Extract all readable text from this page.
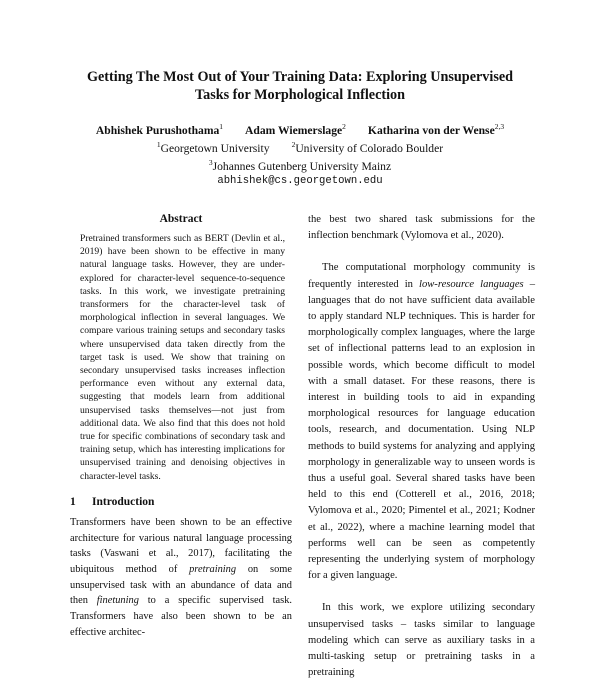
Getting The Most Out of Your Training Data: Exploring Unsupervised
Tasks for Morphological Inflection
Abhishek Purushothama$^1$ Adam Wiemerslage$^2$ Katharina von der Wense$^{2,3}$
$^1$Georgetown University	$^2$University of Colorado Boulder
$^3$Johannes Gutenberg University Mainz
abhishek@cs.georgetown.edu
Abstract

Pretrained transformers such as BERT (Devlin et al., 2019) have been shown to be effective in many natural language tasks. However, they are under-explored for character-level sequence-to-sequence tasks. In this work, we investigate pretraining transformers for the character-level task of morphological inflection in several languages. We compare various training setups and secondary tasks where unsupervised data taken directly from the target task is used. We show that training on secondary unsupervised tasks increases inflection performance even without any external data, suggesting that models learn from additional unsupervised tasks themselves—not just from additional data. We also find that this does not hold true for specific combinations of secondary task and training setup, which has interesting implications for unsupervised training and denoising objectives in character-level tasks.

1 Introduction

Transformers have been shown to be an effective architecture for various natural language processing tasks (Vaswani et al., 2017), facilitating the ubiquitous method of pretraining on some unsupervised task with an abundance of data and then finetuning to a specific supervised task. Transformers have also been shown to be an effective architec-

the best two shared task submissions for the inflection benchmark (Vylomova et al., 2020).

The computational morphology community is frequently interested in low-resource languages – languages that do not have sufficient data available to apply standard NLP techniques. This is harder for morphologically complex languages, where the large set of inflectional patterns lead to an explosion in possible words, which become difficult to model with a small dataset. For these reasons, there is interest in building tools to aid in expanding morphological resources for language education tools, research, and documentation. Using NLP methods to build systems for analyzing and applying morphology in generalizable way to unseen words is thus a useful goal. Several shared tasks have been held to this end (Cotterell et al., 2016, 2018; Vylomova et al., 2020; Pimentel et al., 2021; Kodner et al., 2022), where a machine learning model that performs well can be seen as competently representing the underlying system of morphology for a given language.

In this work, we explore utilizing secondary unsupervised tasks – tasks similar to language modeling which can serve as auxiliary tasks in a multi-tasking setup or pretraining tasks in a pretraining
